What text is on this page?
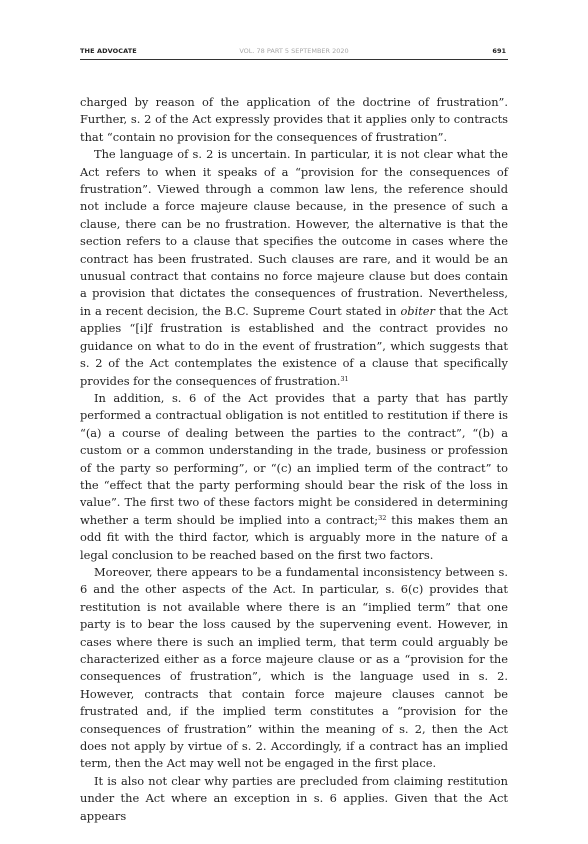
THE ADVOCATE	VOL. 78 PART 5 SEPTEMBER 2020	691

charged by reason of the application of the doctrine of frustration”. Further, s. 2 of the Act expressly provides that it applies only to contracts that “contain no provision for the consequences of frustration”.

The language of s. 2 is uncertain. In particular, it is not clear what the Act refers to when it speaks of a “provision for the consequences of frustration”. Viewed through a common law lens, the reference should not include a force majeure clause because, in the presence of such a clause, there can be no frustration. However, the alternative is that the section refers to a clause that specifies the outcome in cases where the contract has been frustrated. Such clauses are rare, and it would be an unusual contract that contains no force majeure clause but does contain a provision that dictates the consequences of frustration. Nevertheless, in a recent decision, the B.C. Supreme Court stated in obiter that the Act applies “[i]f frustration is established and the contract provides no guidance on what to do in the event of frustration”, which suggests that s. 2 of the Act contemplates the existence of a clause that specifically provides for the consequences of frustration.$^{31}$

In addition, s. 6 of the Act provides that a party that has partly performed a contractual obligation is not entitled to restitution if there is “(a) a course of dealing between the parties to the contract”, “(b) a custom or a common understanding in the trade, business or profession of the party so performing”, or “(c) an implied term of the contract” to the “effect that the party performing should bear the risk of the loss in value”. The first two of these factors might be considered in determining whether a term should be implied into a contract;$^{32}$ this makes them an odd fit with the third factor, which is arguably more in the nature of a legal conclusion to be reached based on the first two factors.

Moreover, there appears to be a fundamental inconsistency between s. 6 and the other aspects of the Act. In particular, s. 6(c) provides that restitution is not available where there is an “implied term” that one party is to bear the loss caused by the supervening event. However, in cases where there is such an implied term, that term could arguably be characterized either as a force majeure clause or as a “provision for the consequences of frustration”, which is the language used in s. 2. However, contracts that contain force majeure clauses cannot be frustrated and, if the implied term constitutes a “provision for the consequences of frustration” within the meaning of s. 2, then the Act does not apply by virtue of s. 2. Accordingly, if a contract has an implied term, then the Act may well not be engaged in the first place.

It is also not clear why parties are precluded from claiming restitution under the Act where an exception in s. 6 applies. Given that the Act appears
